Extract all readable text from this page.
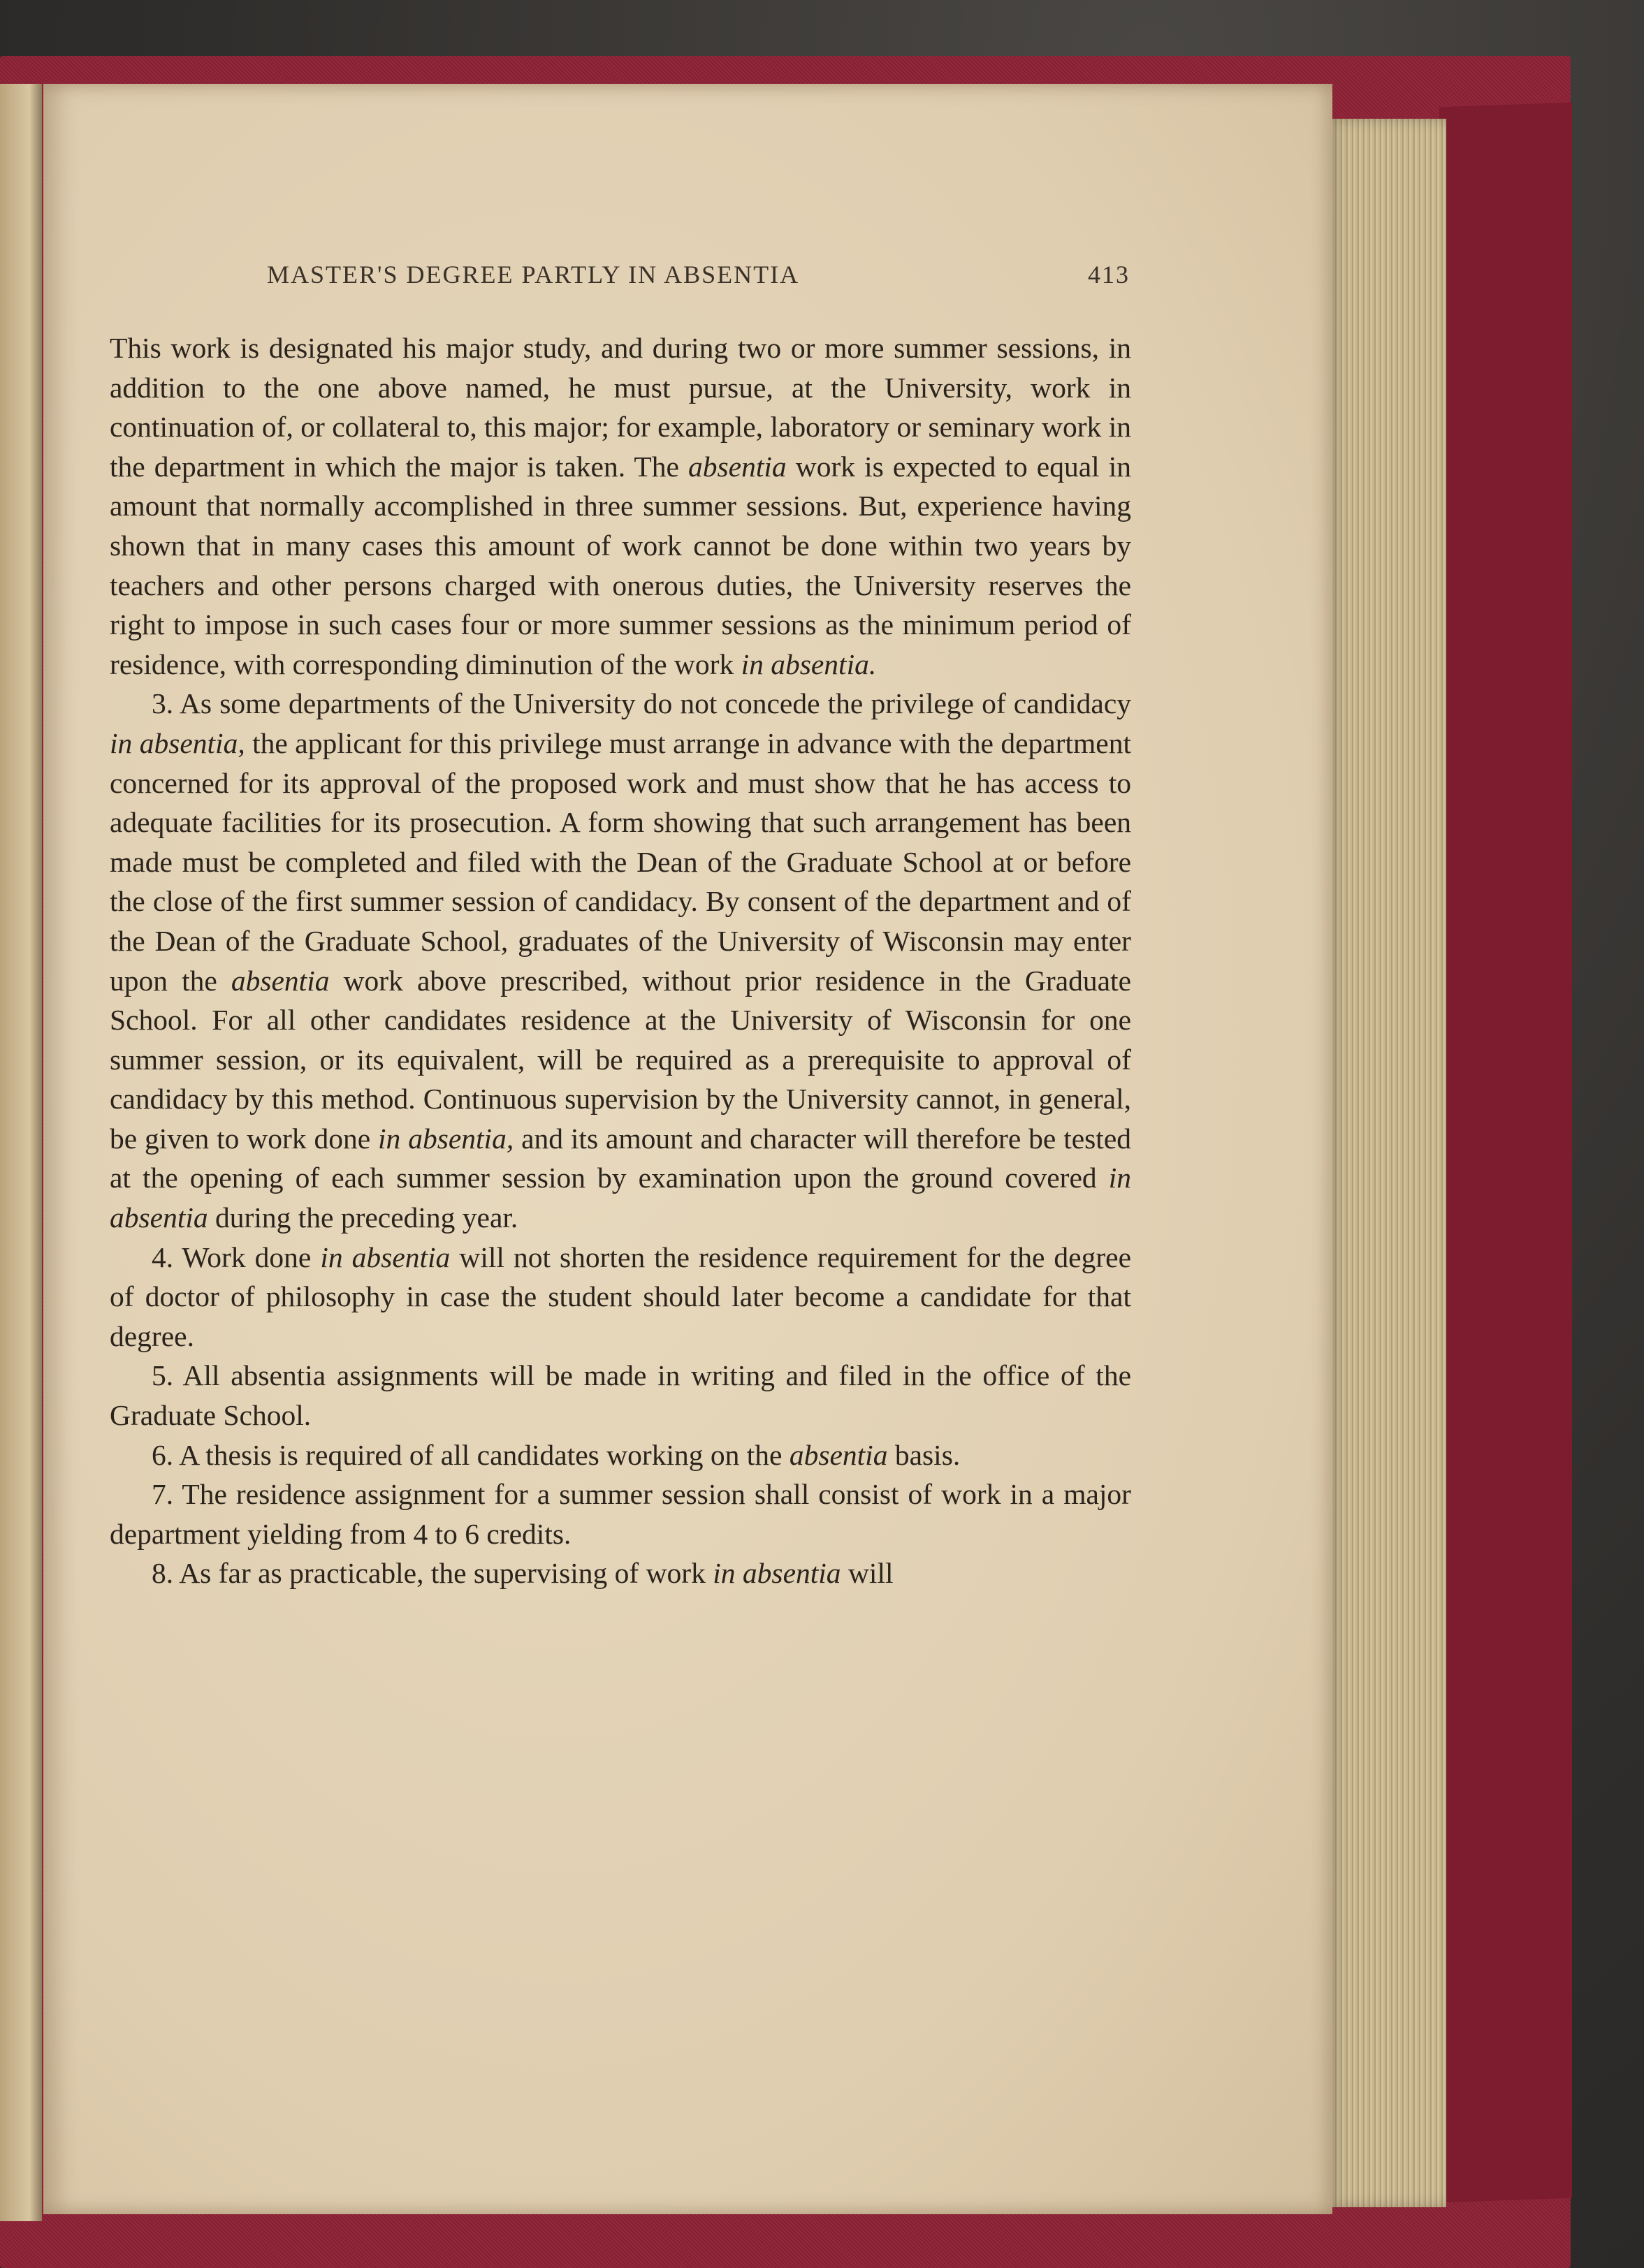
MASTER'S DEGREE PARTLY IN ABSENTIA	413

This work is designated his major study, and during two or more summer sessions, in addition to the one above named, he must pursue, at the University, work in continuation of, or collateral to, this major; for example, laboratory or seminary work in the department in which the major is taken. The absentia work is expected to equal in amount that normally accomplished in three summer sessions. But, experience having shown that in many cases this amount of work cannot be done within two years by teachers and other persons charged with onerous duties, the University reserves the right to impose in such cases four or more summer sessions as the minimum period of residence, with corresponding diminution of the work in absentia.

3. As some departments of the University do not concede the privilege of candidacy in absentia, the applicant for this privilege must arrange in advance with the department concerned for its approval of the proposed work and must show that he has access to adequate facilities for its prosecution. A form showing that such arrangement has been made must be completed and filed with the Dean of the Graduate School at or before the close of the first summer session of candidacy. By consent of the department and of the Dean of the Graduate School, graduates of the University of Wisconsin may enter upon the absentia work above prescribed, without prior residence in the Graduate School. For all other candidates residence at the University of Wisconsin for one summer session, or its equivalent, will be required as a prerequisite to approval of candidacy by this method. Continuous supervision by the University cannot, in general, be given to work done in absentia, and its amount and character will therefore be tested at the opening of each summer session by examination upon the ground covered in absentia during the preceding year.

4. Work done in absentia will not shorten the residence requirement for the degree of doctor of philosophy in case the student should later become a candidate for that degree.

5. All absentia assignments will be made in writing and filed in the office of the Graduate School.

6. A thesis is required of all candidates working on the absentia basis.

7. The residence assignment for a summer session shall consist of work in a major department yielding from 4 to 6 credits.

8. As far as practicable, the supervising of work in absentia will
